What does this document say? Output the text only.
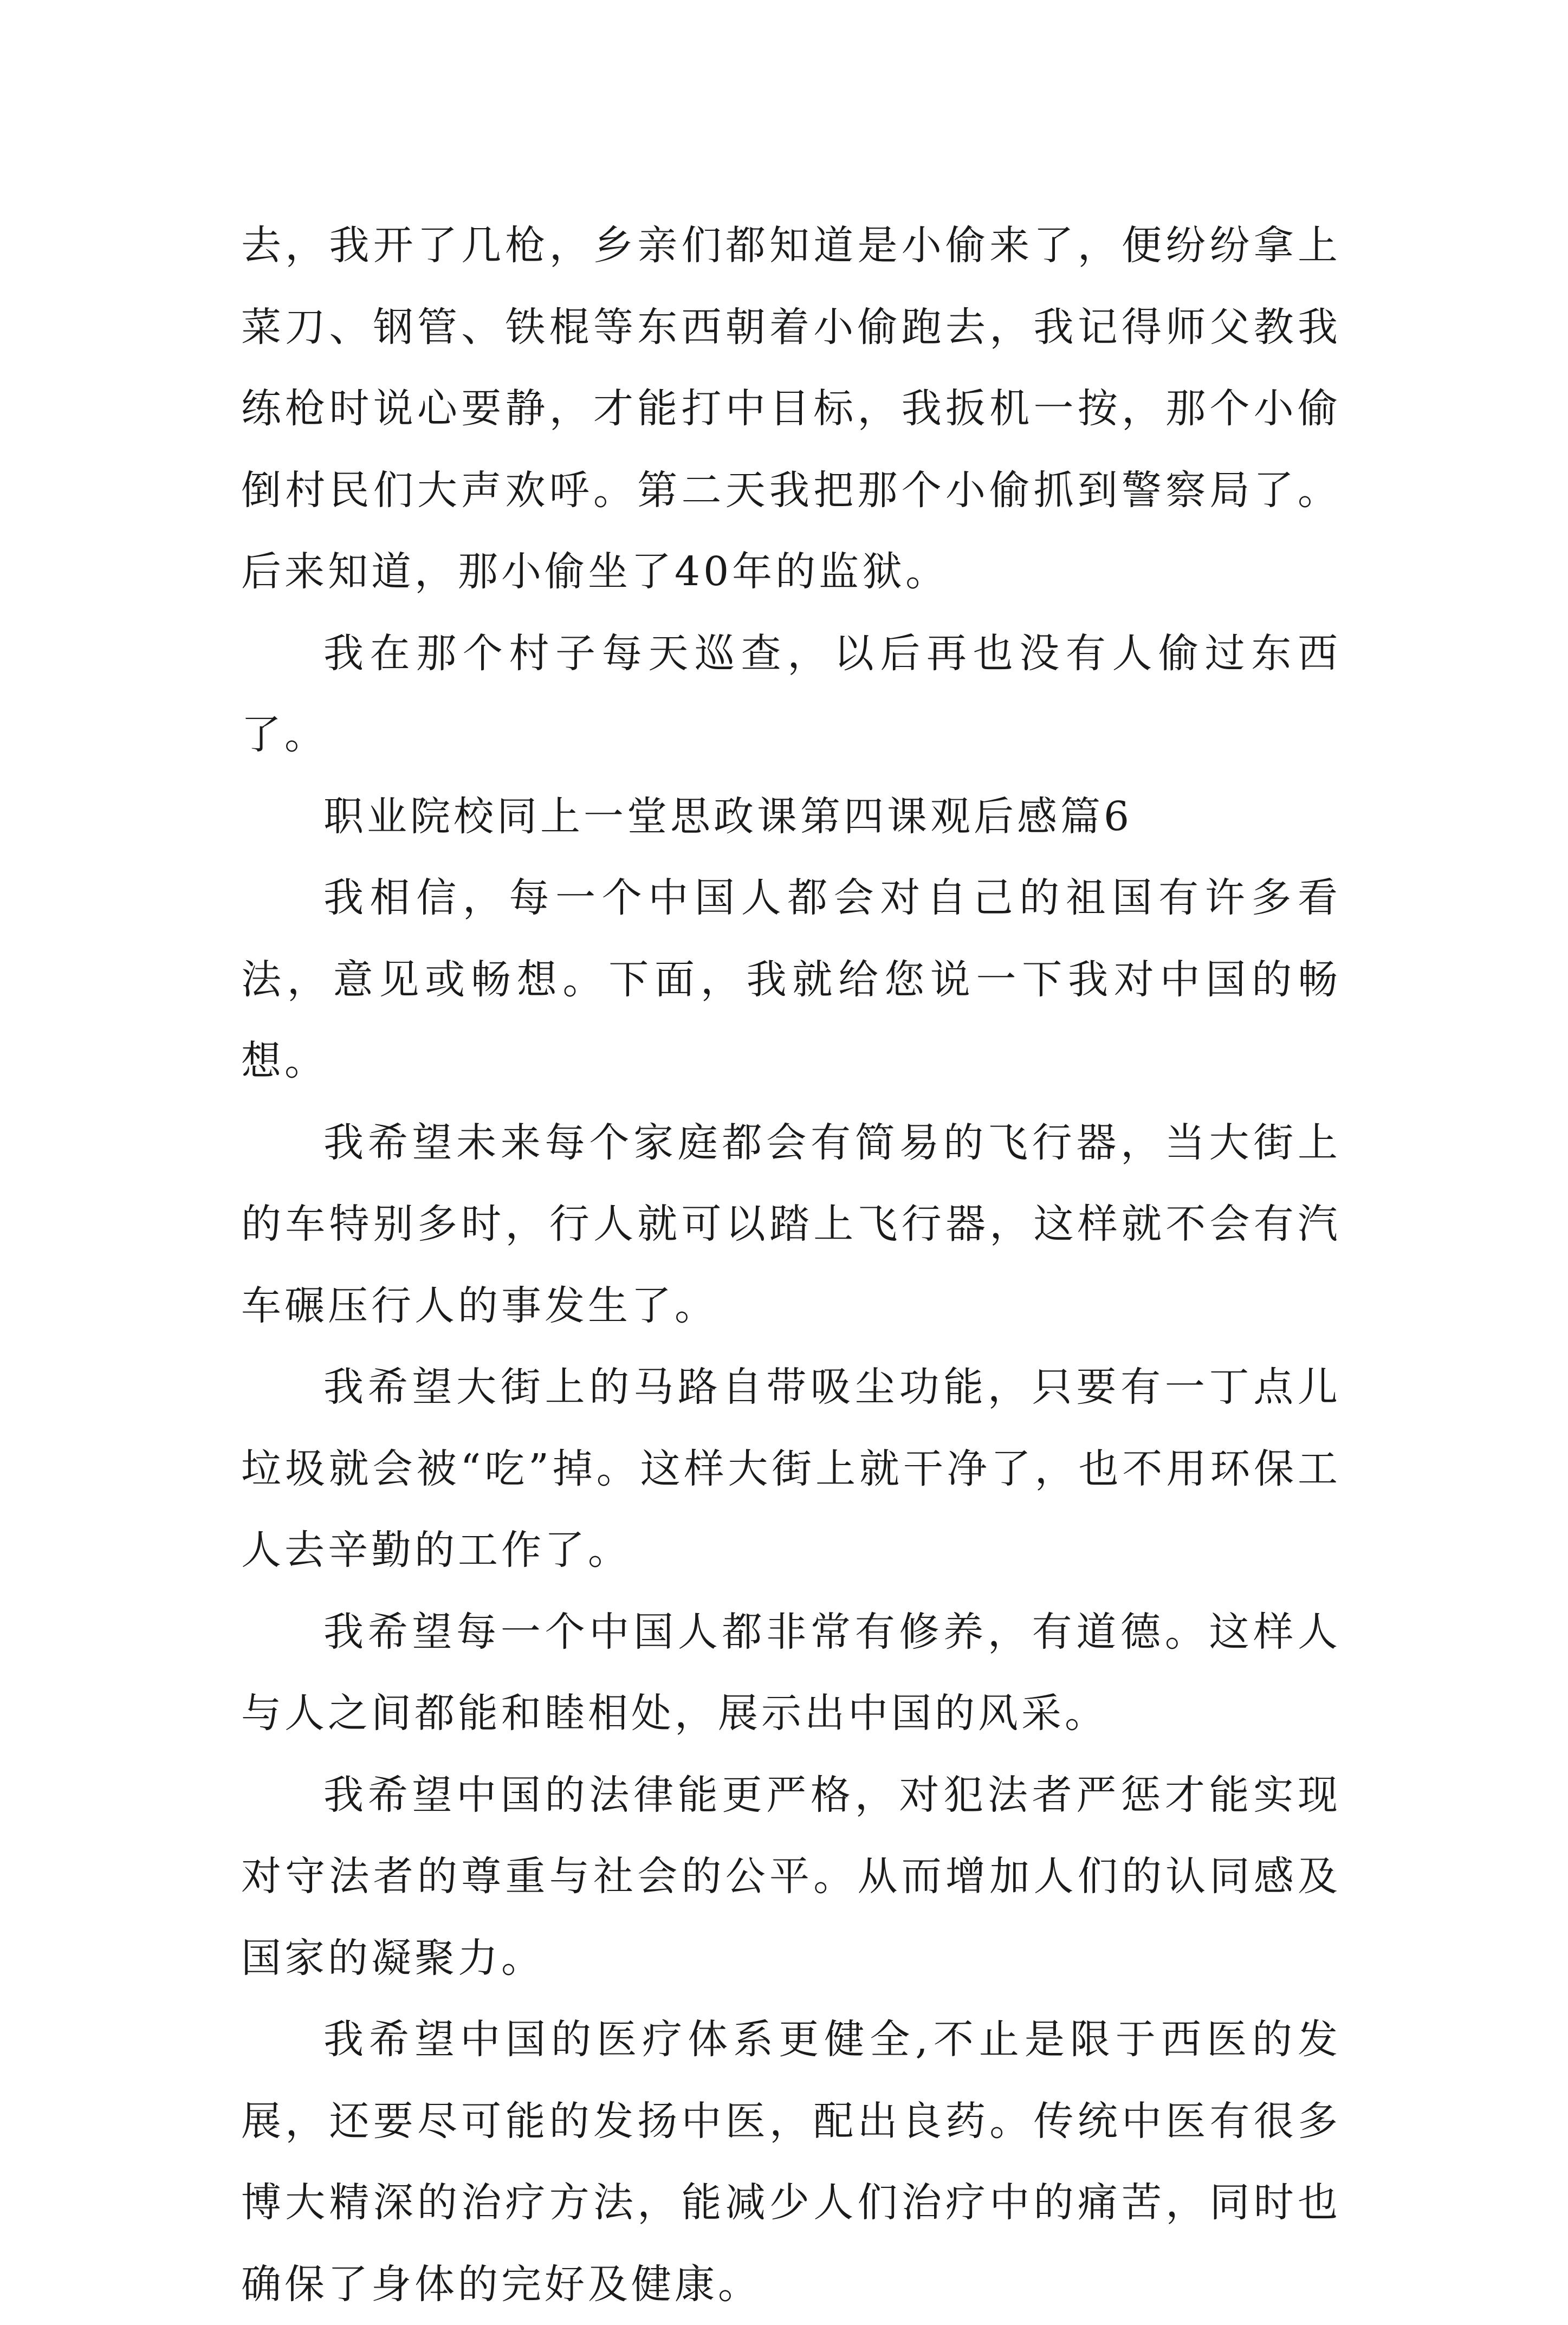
去，我开了几枪，乡亲们都知道是小偷来了，便纷纷拿上菜刀、钢管、铁棍等东西朝着小偷跑去，我记得师父教我练枪时说心要静，才能打中目标，我扳机一按，那个小偷倒村民们大声欢呼。第二天我把那个小偷抓到警察局了。后来知道，那小偷坐了40年的监狱。

我在那个村子每天巡查，以后再也没有人偷过东西了。

职业院校同上一堂思政课第四课观后感篇6

我相信，每一个中国人都会对自己的祖国有许多看法，意见或畅想。下面，我就给您说一下我对中国的畅想。

我希望未来每个家庭都会有简易的飞行器，当大街上的车特别多时，行人就可以踏上飞行器，这样就不会有汽车碾压行人的事发生了。

我希望大街上的马路自带吸尘功能，只要有一丁点儿垃圾就会被“吃”掉。这样大街上就干净了，也不用环保工人去辛勤的工作了。

我希望每一个中国人都非常有修养，有道德。这样人与人之间都能和睦相处，展示出中国的风采。

我希望中国的法律能更严格，对犯法者严惩才能实现对守法者的尊重与社会的公平。从而增加人们的认同感及国家的凝聚力。

我希望中国的医疗体系更健全,不止是限于西医的发展，还要尽可能的发扬中医，配出良药。传统中医有很多博大精深的治疗方法，能减少人们治疗中的痛苦，同时也确保了身体的完好及健康。
